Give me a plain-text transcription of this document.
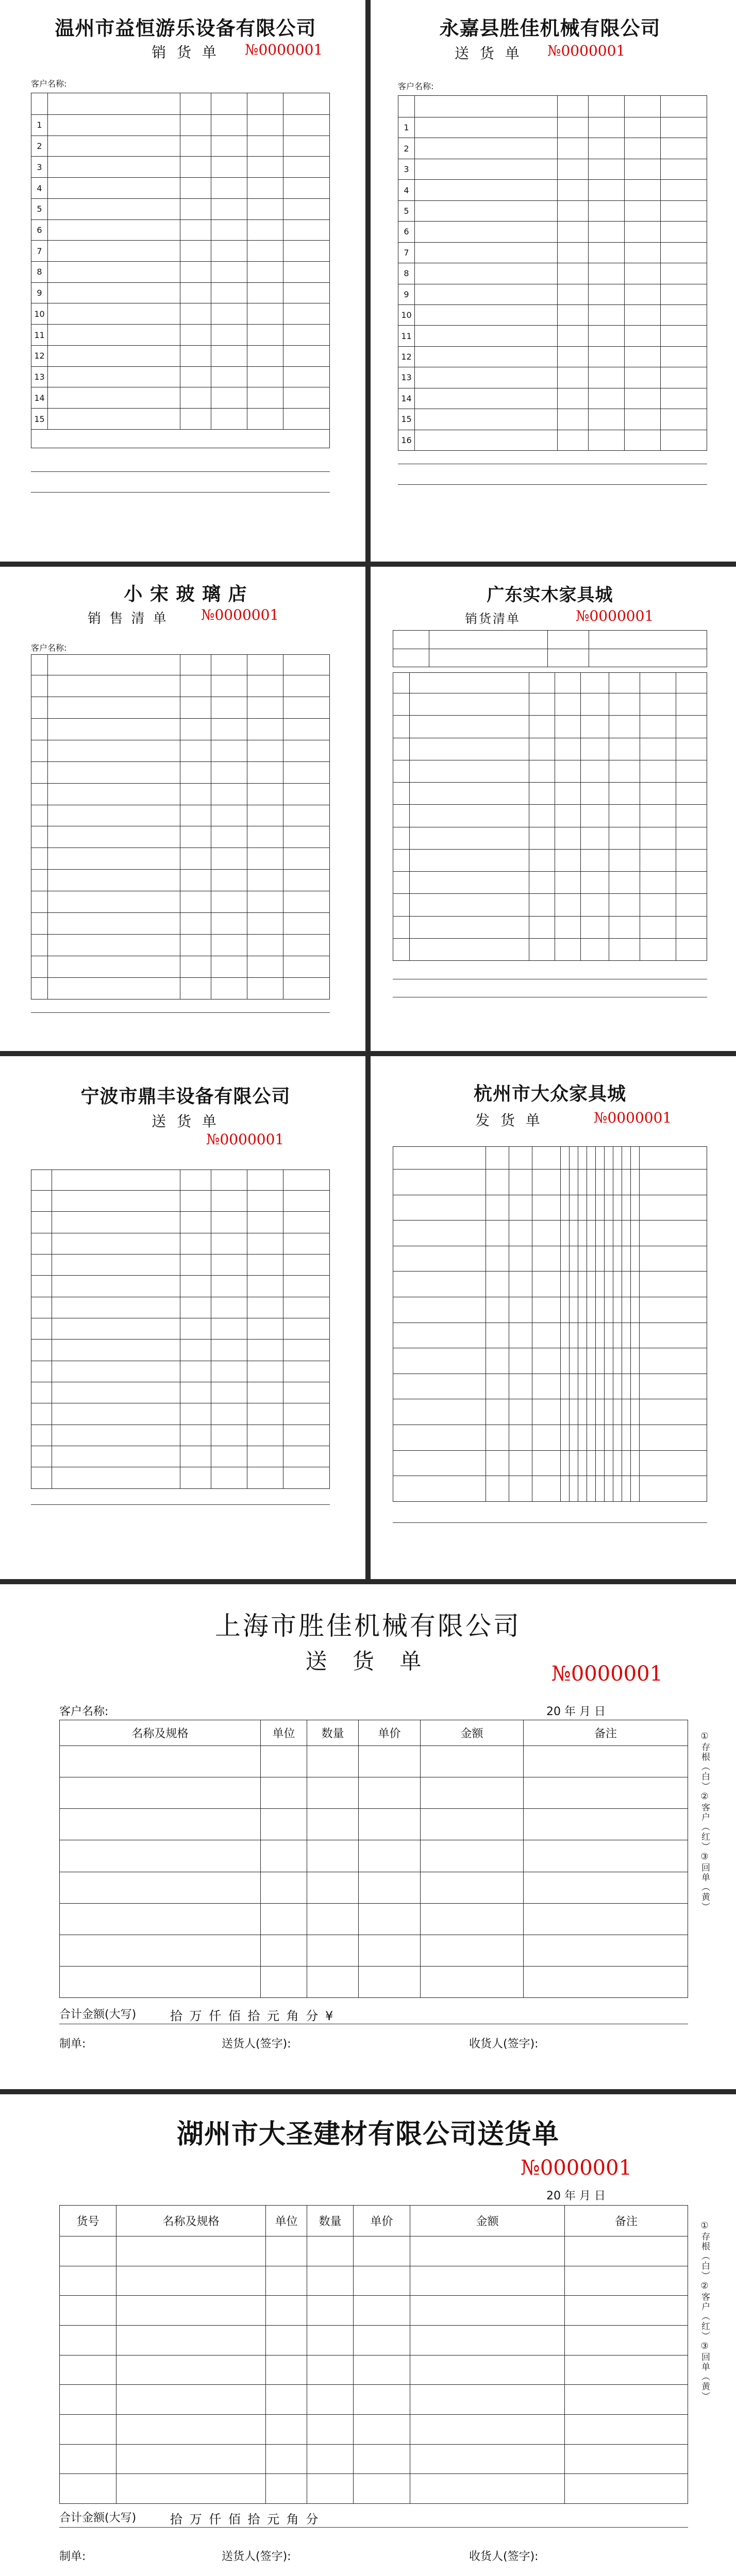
温州市益恒游乐设备有限公司
销 货 单	№0000001
客户名称:

1					
2					
3					
4					
5					
6					
7					
8					
9					
10					
11					
12					
13					
14					
15					

永嘉县胜佳机械有限公司
送 货 单 №0000001
客户名称:

1					
2					
3					
4					
5					
6					
7					
8					
9					
10					
11					
12					
13					
14					
15					
16					
小 宋 玻 璃 店
销 售 清 单 №0000001
客户名称:

广东实木家具城
销货清单	№0000001

宁波市鼎丰设备有限公司
送 货 单
№0000001

杭州市大众家具城
发 货 单	№0000001

上海市胜佳机械有限公司
送 货 单	№0000001
客户名称:	20 年 月 日
名称及规格	单位	数量	单价	金额	备注

合计金额(大写)	拾 万 仟 佰 拾 元 角 分 ¥
制单:	送货人(签字):	收货人(签字):
①存根（白）②客户（红）③回单（黄）
湖州市大圣建材有限公司送货单
№0000001
20 年 月 日
货号	名称及规格	单位	数量	单价	金额	备注

合计金额(大写)	拾 万 仟 佰 拾 元 角 分
制单:	送货人(签字):	收货人(签字):
①存根（白）②客户（红）③回单（黄）
